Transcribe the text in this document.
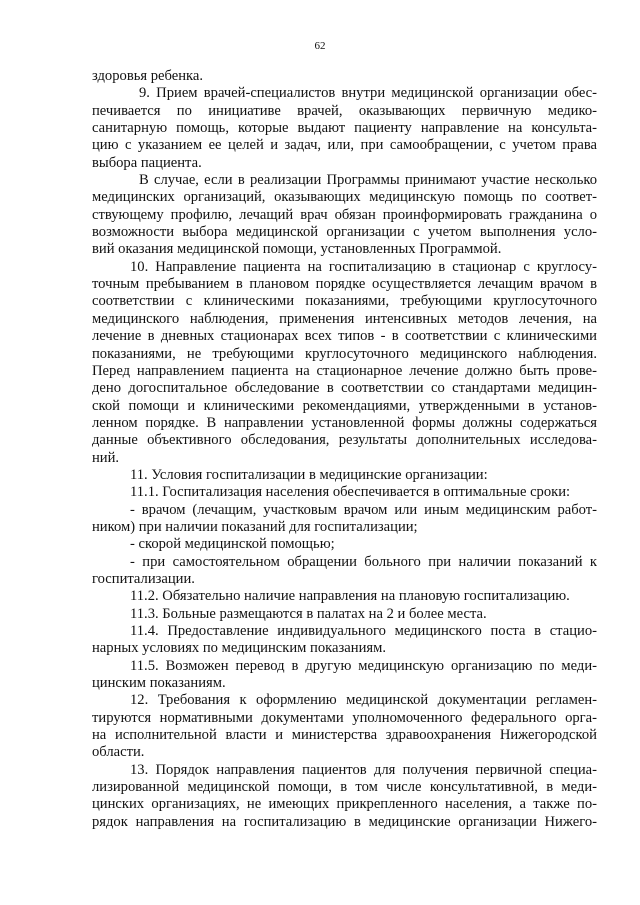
62
здоровья ребенка.
9. Прием врачей-специалистов внутри медицинской организации обес-
печивается по инициативе врачей, оказывающих первичную медико-
санитарную помощь, которые выдают пациенту направление на консульта-
цию с указанием ее целей и задач, или, при самообращении, с учетом права
выбора пациента.
В случае, если в реализации Программы принимают участие несколько
медицинских организаций, оказывающих медицинскую помощь по соответ-
ствующему профилю, лечащий врач обязан проинформировать гражданина о
возможности выбора медицинской организации с учетом выполнения усло-
вий оказания медицинской помощи, установленных Программой.
10. Направление пациента на госпитализацию в стационар с круглосу-
точным пребыванием в плановом порядке осуществляется лечащим врачом в
соответствии с клиническими показаниями, требующими круглосуточного
медицинского наблюдения, применения интенсивных методов лечения, на
лечение в дневных стационарах всех типов - в соответствии с клиническими
показаниями, не требующими круглосуточного медицинского наблюдения.
Перед направлением пациента на стационарное лечение должно быть прове-
дено догоспитальное обследование в соответствии со стандартами медицин-
ской помощи и клиническими рекомендациями, утвержденными в установ-
ленном порядке. В направлении установленной формы должны содержаться
данные объективного обследования, результаты дополнительных исследова-
ний.
11. Условия госпитализации в медицинские организации:
11.1. Госпитализация населения обеспечивается в оптимальные сроки:
- врачом (лечащим, участковым врачом или иным медицинским работ-
ником) при наличии показаний для госпитализации;
- скорой медицинской помощью;
- при самостоятельном обращении больного при наличии показаний к
госпитализации.
11.2. Обязательно наличие направления на плановую госпитализацию.
11.3. Больные размещаются в палатах на 2 и более места.
11.4. Предоставление индивидуального медицинского поста в стацио-
нарных условиях по медицинским показаниям.
11.5. Возможен перевод в другую медицинскую организацию по меди-
цинским показаниям.
12. Требования к оформлению медицинской документации регламен-
тируются нормативными документами уполномоченного федерального орга-
на исполнительной власти и министерства здравоохранения Нижегородской
области.
13. Порядок направления пациентов для получения первичной специа-
лизированной медицинской помощи, в том числе консультативной, в меди-
цинских организациях, не имеющих прикрепленного населения, а также по-
рядок направления на госпитализацию в медицинские организации Нижего-
